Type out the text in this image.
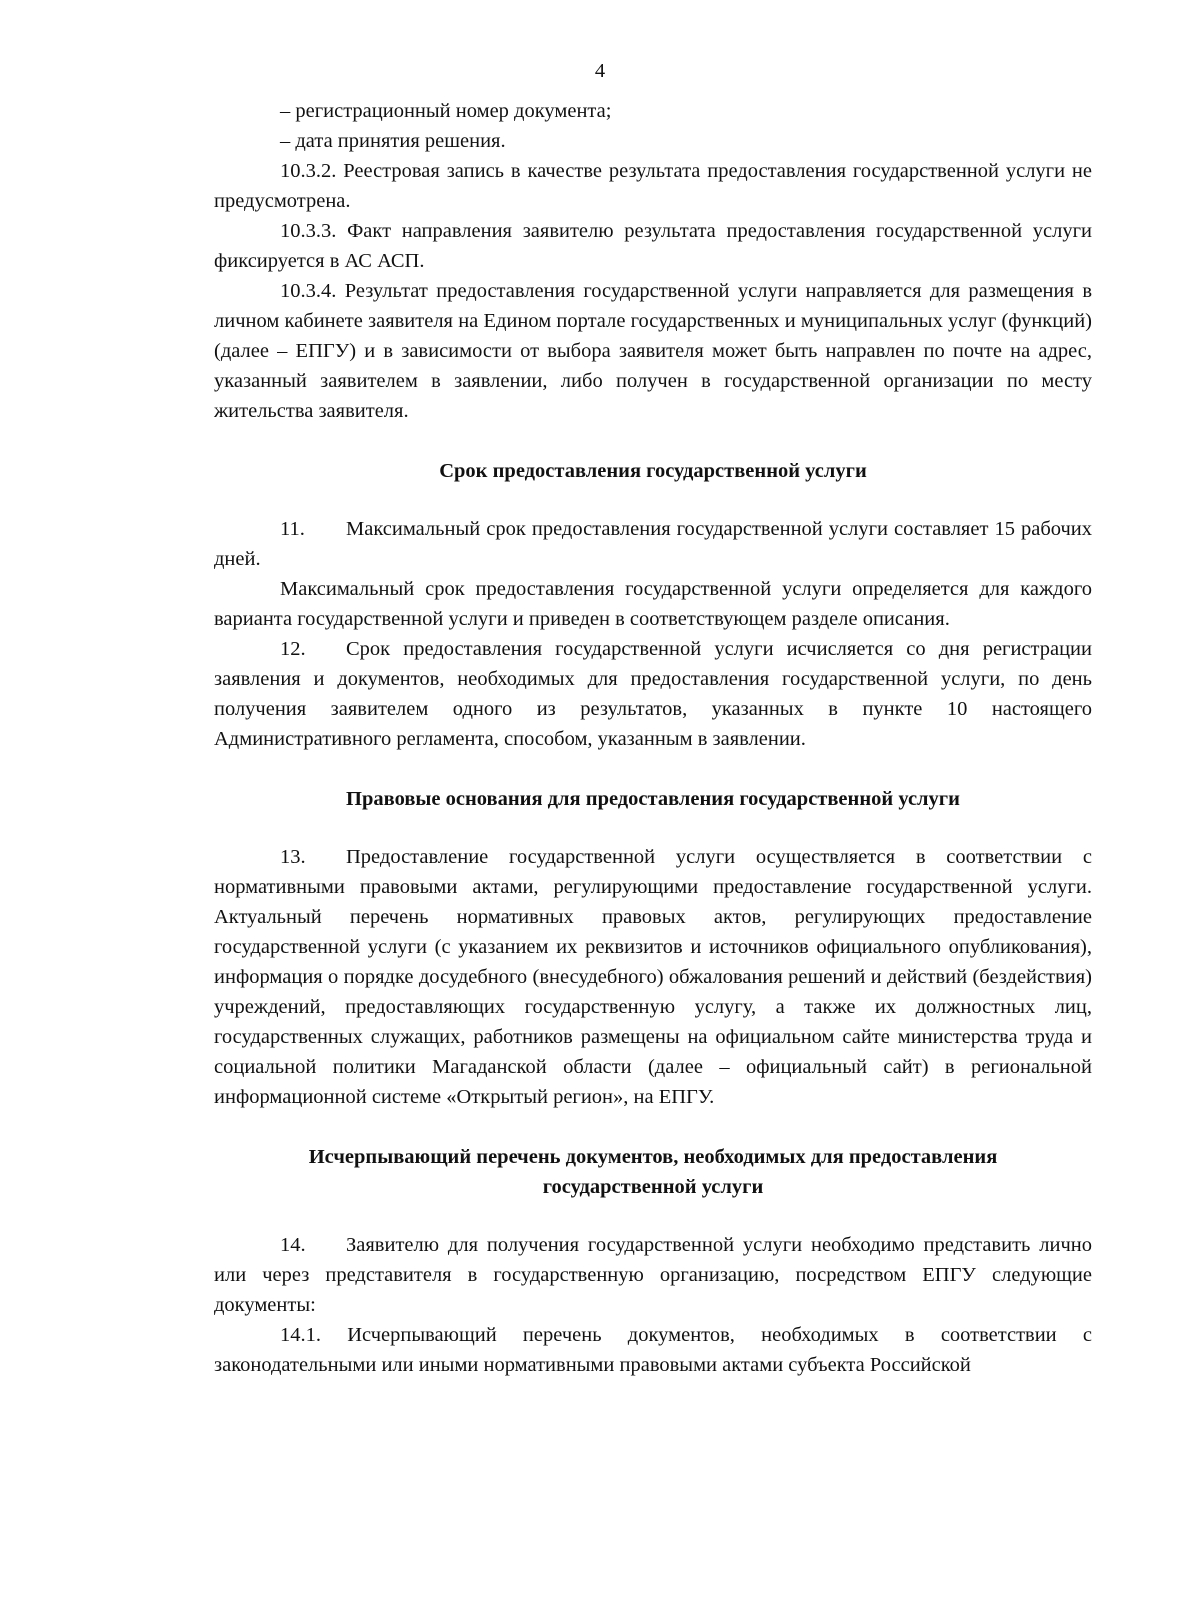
4

– регистрационный номер документа;

– дата принятия решения.

10.3.2. Реестровая запись в качестве результата предоставления государственной услуги не предусмотрена.

10.3.3. Факт направления заявителю результата предоставления государственной услуги фиксируется в АС АСП.

10.3.4. Результат предоставления государственной услуги направляется для размещения в личном кабинете заявителя на Едином портале государственных и муниципальных услуг (функций) (далее – ЕПГУ) и в зависимости от выбора заявителя может быть направлен по почте на адрес, указанный заявителем в заявлении, либо получен в государственной организации по месту жительства заявителя.

Срок предоставления государственной услуги

11. Максимальный срок предоставления государственной услуги составляет 15 рабочих дней.

Максимальный срок предоставления государственной услуги определяется для каждого варианта государственной услуги и приведен в соответствующем разделе описания.

12. Срок предоставления государственной услуги исчисляется со дня регистрации заявления и документов, необходимых для предоставления государственной услуги, по день получения заявителем одного из результатов, указанных в пункте 10 настоящего Административного регламента, способом, указанным в заявлении.

Правовые основания для предоставления государственной услуги

13. Предоставление государственной услуги осуществляется в соответствии с нормативными правовыми актами, регулирующими предоставление государственной услуги. Актуальный перечень нормативных правовых актов, регулирующих предоставление государственной услуги (с указанием их реквизитов и источников официального опубликования), информация о порядке досудебного (внесудебного) обжалования решений и действий (бездействия) учреждений, предоставляющих государственную услугу, а также их должностных лиц, государственных служащих, работников размещены на официальном сайте министерства труда и социальной политики Магаданской области (далее – официальный сайт) в региональной информационной системе «Открытый регион», на ЕПГУ.

Исчерпывающий перечень документов, необходимых для предоставления
государственной услуги

14. Заявителю для получения государственной услуги необходимо представить лично или через представителя в государственную организацию, посредством ЕПГУ следующие документы:

14.1. Исчерпывающий перечень документов, необходимых в соответствии с законодательными или иными нормативными правовыми актами субъекта Российской
